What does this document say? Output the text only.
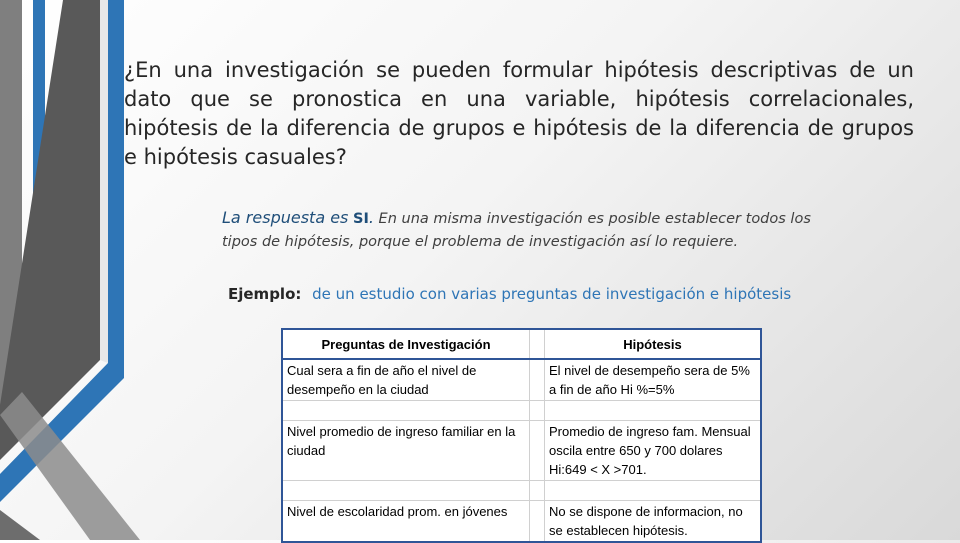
¿En una investigación se pueden formular hipótesis descriptivas de un dato que se pronostica en una variable, hipótesis correlacionales, hipótesis de la diferencia de grupos e hipótesis de la diferencia de grupos e hipótesis casuales?
La respuesta es SI. En una misma investigación es posible establecer todos los tipos de hipótesis, porque el problema de investigación así lo requiere.
Ejemplo: de un estudio con varias preguntas de investigación e hipótesis
Preguntas de Investigación		Hipótesis
Cual sera a fin de año el nivel de desempeño en la ciudad		El nivel de desempeño sera de 5% a fin de año Hi %=5%

Nivel promedio de ingreso familiar en la ciudad		Promedio de ingreso fam. Mensual oscila entre 650 y 700 dolares Hi:649 < X >701.

Nivel de escolaridad prom. en jóvenes		No se dispone de informacion, no se establecen hipótesis.
